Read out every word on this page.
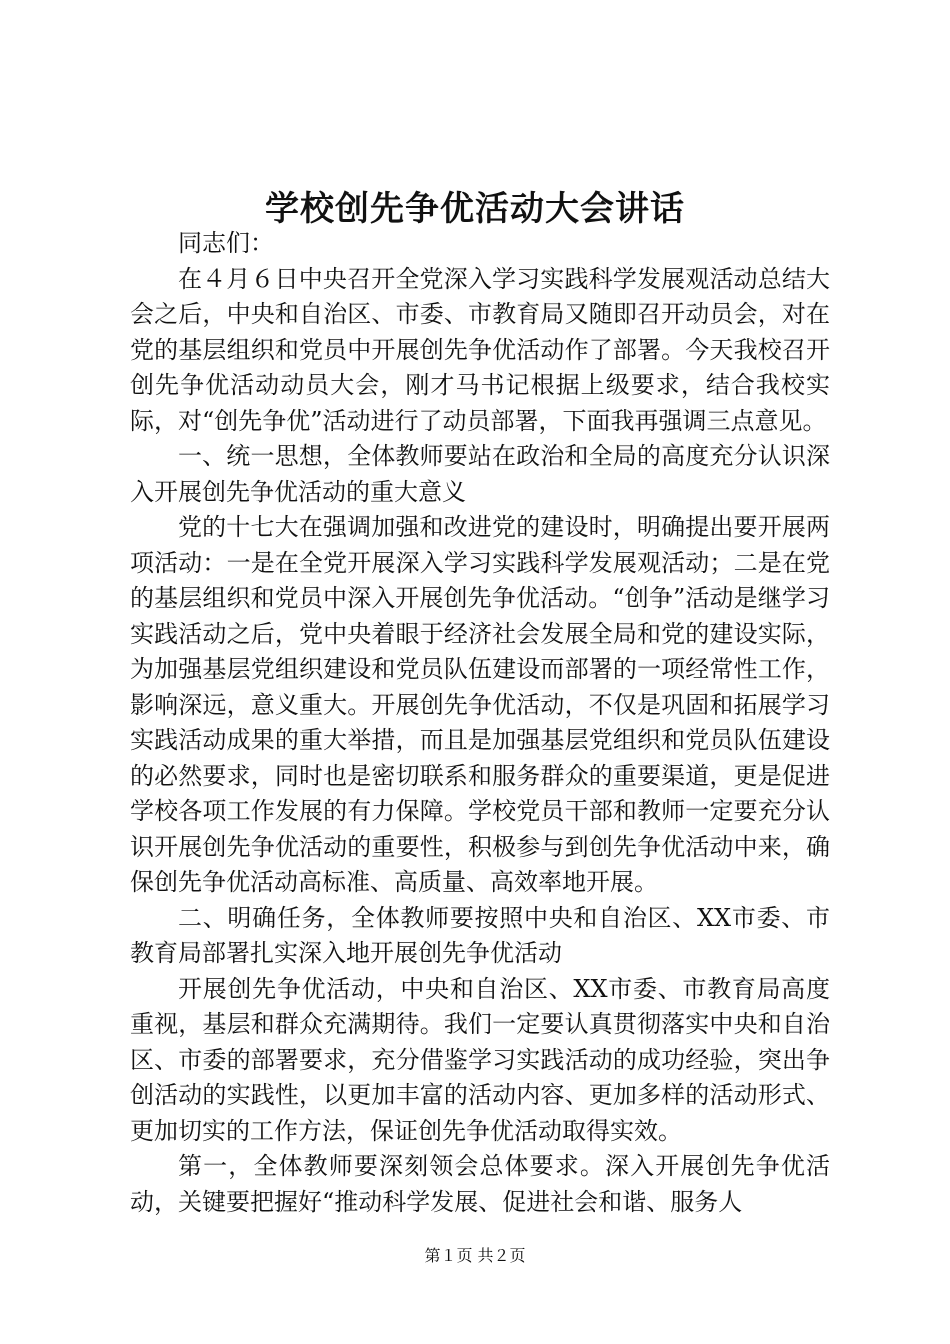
学校创先争优活动大会讲话

同志们：

在４月６日中央召开全党深入学习实践科学发展观活动总结大会之后，中央和自治区、市委、市教育局又随即召开动员会，对在党的基层组织和党员中开展创先争优活动作了部署。今天我校召开创先争优活动动员大会，刚才马书记根据上级要求，结合我校实际，对“创先争优”活动进行了动员部署，下面我再强调三点意见。

一、统一思想，全体教师要站在政治和全局的高度充分认识深入开展创先争优活动的重大意义

党的十七大在强调加强和改进党的建设时，明确提出要开展两项活动：一是在全党开展深入学习实践科学发展观活动；二是在党的基层组织和党员中深入开展创先争优活动。“创争”活动是继学习实践活动之后，党中央着眼于经济社会发展全局和党的建设实际，为加强基层党组织建设和党员队伍建设而部署的一项经常性工作，影响深远，意义重大。开展创先争优活动，不仅是巩固和拓展学习实践活动成果的重大举措，而且是加强基层党组织和党员队伍建设的必然要求，同时也是密切联系和服务群众的重要渠道，更是促进学校各项工作发展的有力保障。学校党员干部和教师一定要充分认识开展创先争优活动的重要性，积极参与到创先争优活动中来，确保创先争优活动高标准、高质量、高效率地开展。

二、明确任务，全体教师要按照中央和自治区、XX市委、市教育局部署扎实深入地开展创先争优活动

开展创先争优活动，中央和自治区、XX市委、市教育局高度重视，基层和群众充满期待。我们一定要认真贯彻落实中央和自治区、市委的部署要求，充分借鉴学习实践活动的成功经验，突出争创活动的实践性，以更加丰富的活动内容、更加多样的活动形式、更加切实的工作方法，保证创先争优活动取得实效。

第一，全体教师要深刻领会总体要求。深入开展创先争优活动，关键要把握好“推动科学发展、促进社会和谐、服务人

第１页 共２页
